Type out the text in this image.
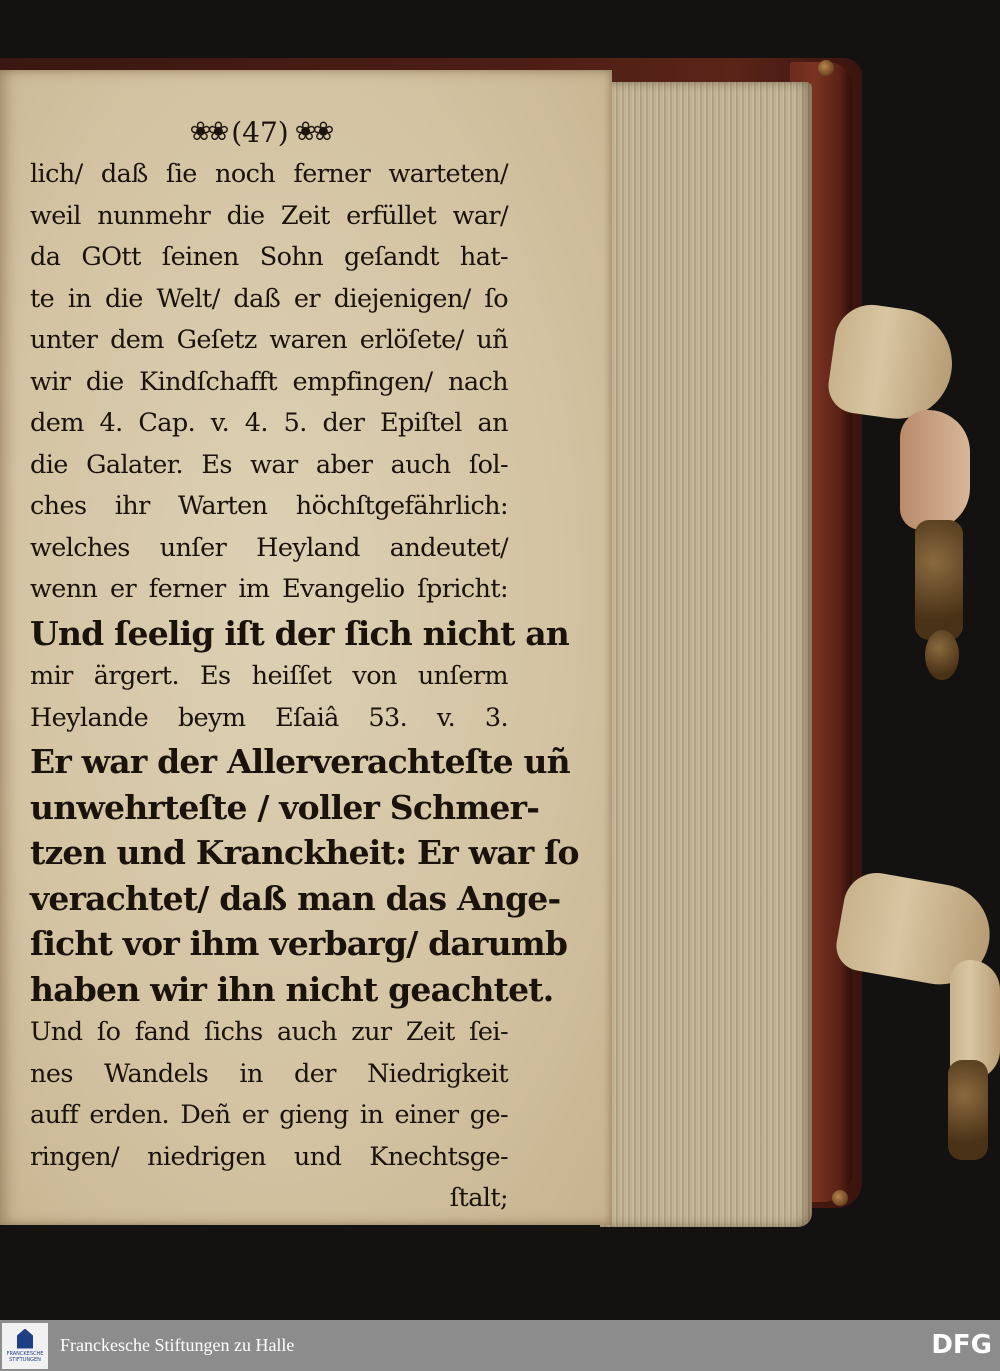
❀❀ (47) ❀❀
lich/ daß ſie noch ferner warteten/
weil nunmehr die Zeit erfüllet war/
da GOtt ſeinen Sohn geſandt hat-
te in die Welt/ daß er diejenigen/ ſo
unter dem Geſetz waren erlöſete/ uñ
wir die Kindſchafft empfingen/ nach
dem 4. Cap. v. 4. 5. der Epiſtel an
die Galater. Es war aber auch ſol-
ches ihr Warten höchſtgefährlich:
welches unſer Heyland andeutet/
wenn er ferner im Evangelio ſpricht:
Und ſeelig iſt der ſich nicht an
mir ärgert. Es heiſſet von unſerm
Heylande beym Eſaiâ 53. v. 3.
Er war der Allerverachteſte uñ
unwehrteſte / voller Schmer-
tzen und Kranckheit: Er war ſo
verachtet/ daß man das Ange-
ſicht vor ihm verbarg/ darumb
haben wir ihn nicht geachtet.
Und ſo fand ſichs auch zur Zeit ſei-
nes Wandels in der Niedrigkeit
auff erden. Deñ er gieng in einer ge-
ringen/ niedrigen und Knechtsge-
ſtalt;
FRANCKESCHE
STIFTUNGEN
Franckesche Stiftungen zu Halle	DFG
